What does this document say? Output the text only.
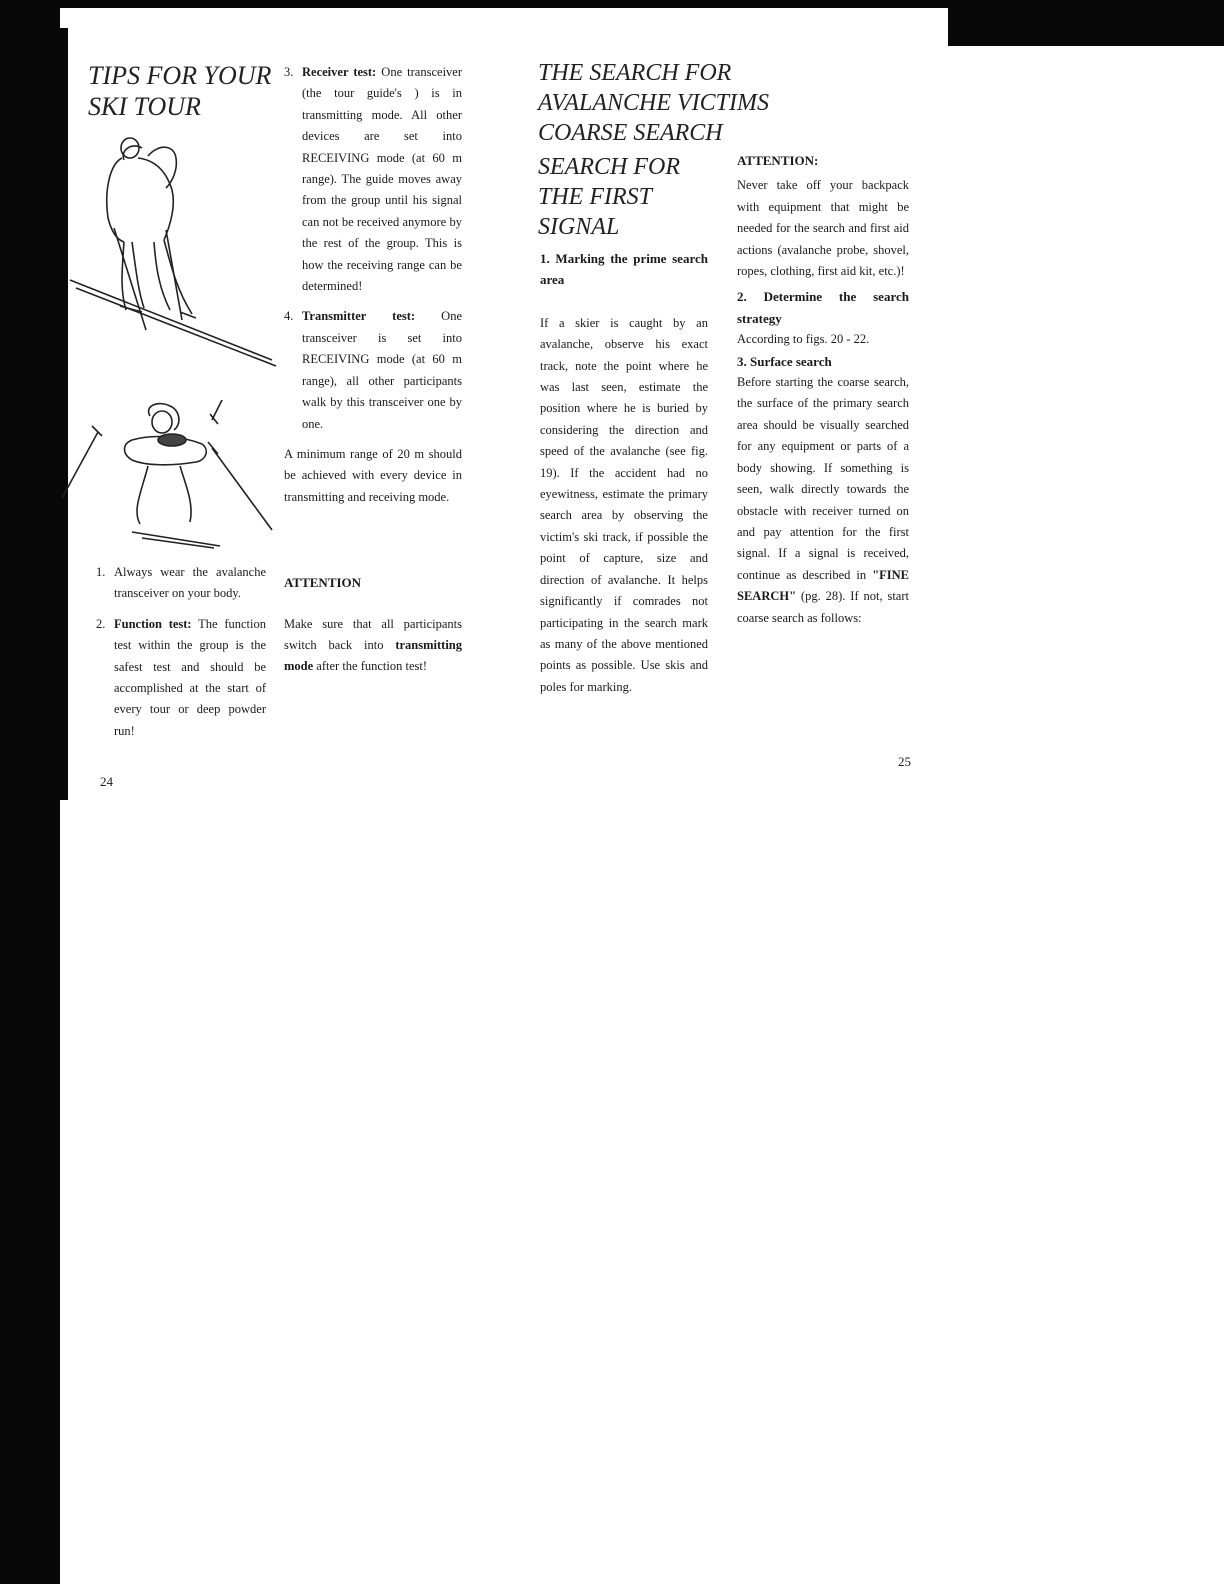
TIPS FOR YOUR
SKI TOUR
1. Always wear the avalanche transceiver on your body.
2. Function test: The function test within the group is the safest test and should be accomplished at the start of every tour or deep powder run!
3. Receiver test: One transceiver (the tour guide's ) is in transmitting mode. All other devices are set into RECEIVING mode (at 60 m range). The guide moves away from the group until his signal can not be received anymore by the rest of the group. This is how the receiving range can be determined!
4. Transmitter test: One transceiver is set into RECEIVING mode (at 60 m range), all other participants walk by this transceiver one by one.

A minimum range of 20 m should be achieved with every device in transmitting and receiving mode.

ATTENTION

Make sure that all participants switch back into transmitting mode after the function test!

24
THE SEARCH FOR
AVALANCHE VICTIMS
COARSE SEARCH
SEARCH FOR
THE FIRST
SIGNAL

1. Marking the prime search area

If a skier is caught by an avalanche, observe his exact track, note the point where he was last seen, estimate the position where he is buried by considering the direction and speed of the avalanche (see fig. 19). If the accident had no eyewitness, estimate the primary search area by observing the victim's ski track, if possible the point of capture, size and direction of avalanche. It helps significantly if comrades not participating in the search mark as many of the above mentioned points as possible. Use skis and poles for marking.

ATTENTION:

Never take off your backpack with equipment that might be needed for the search and first aid actions (avalanche probe, shovel, ropes, clothing, first aid kit, etc.)!

2. Determine the search strategy

According to figs. 20 - 22.

3. Surface search

Before starting the coarse search, the surface of the primary search area should be visually searched for any equipment or parts of a body showing. If something is seen, walk directly towards the obstacle with receiver turned on and pay attention for the first signal. If a signal is received, continue as described in "FINE SEARCH" (pg. 28). If not, start coarse search as follows:

25
